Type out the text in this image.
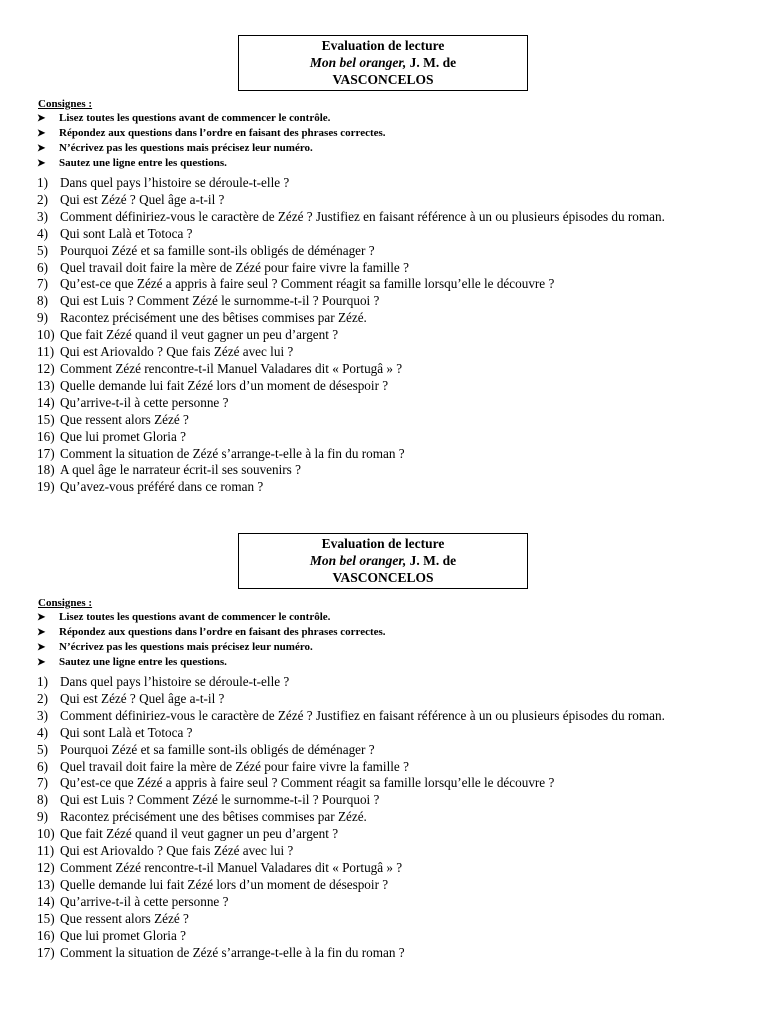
Evaluation de lecture
Mon bel oranger, J. M. de
VASCONCELOS
Consignes :
➤ Lisez toutes les questions avant de commencer le contrôle.
➤ Répondez aux questions dans l’ordre en faisant des phrases correctes.
➤ N’écrivez pas les questions mais précisez leur numéro.
➤ Sautez une ligne entre les questions.
1) Dans quel pays l’histoire se déroule-t-elle ?
2) Qui est Zézé ? Quel âge a-t-il ?
3) Comment définiriez-vous le caractère de Zézé ? Justifiez en faisant référence à un ou plusieurs épisodes du roman.
4) Qui sont Lalà et Totoca ?
5) Pourquoi Zézé et sa famille sont-ils obligés de déménager ?
6) Quel travail doit faire la mère de Zézé pour faire vivre la famille ?
7) Qu’est-ce que Zézé a appris à faire seul ? Comment réagit sa famille lorsqu’elle le découvre ?
8) Qui est Luis ? Comment Zézé le surnomme-t-il ? Pourquoi ?
9) Racontez précisément une des bêtises commises par Zézé.
10) Que fait Zézé quand il veut gagner un peu d’argent ?
11) Qui est Ariovaldo ? Que fais Zézé avec lui ?
12) Comment Zézé rencontre-t-il Manuel Valadares dit « Portugâ » ?
13) Quelle demande lui fait Zézé lors d’un moment de désespoir ?
14) Qu’arrive-t-il à cette personne ?
15) Que ressent alors Zézé ?
16) Que lui promet Gloria ?
17) Comment la situation de Zézé s’arrange-t-elle à la fin du roman ?
18) A quel âge le narrateur écrit-il ses souvenirs ?
19) Qu’avez-vous préféré dans ce roman ?
Evaluation de lecture
Mon bel oranger, J. M. de
VASCONCELOS
Consignes :
➤ Lisez toutes les questions avant de commencer le contrôle.
➤ Répondez aux questions dans l’ordre en faisant des phrases correctes.
➤ N’écrivez pas les questions mais précisez leur numéro.
➤ Sautez une ligne entre les questions.
1) Dans quel pays l’histoire se déroule-t-elle ?
2) Qui est Zézé ? Quel âge a-t-il ?
3) Comment définiriez-vous le caractère de Zézé ? Justifiez en faisant référence à un ou plusieurs épisodes du roman.
4) Qui sont Lalà et Totoca ?
5) Pourquoi Zézé et sa famille sont-ils obligés de déménager ?
6) Quel travail doit faire la mère de Zézé pour faire vivre la famille ?
7) Qu’est-ce que Zézé a appris à faire seul ? Comment réagit sa famille lorsqu’elle le découvre ?
8) Qui est Luis ? Comment Zézé le surnomme-t-il ? Pourquoi ?
9) Racontez précisément une des bêtises commises par Zézé.
10) Que fait Zézé quand il veut gagner un peu d’argent ?
11) Qui est Ariovaldo ? Que fais Zézé avec lui ?
12) Comment Zézé rencontre-t-il Manuel Valadares dit « Portugâ » ?
13) Quelle demande lui fait Zézé lors d’un moment de désespoir ?
14) Qu’arrive-t-il à cette personne ?
15) Que ressent alors Zézé ?
16) Que lui promet Gloria ?
17) Comment la situation de Zézé s’arrange-t-elle à la fin du roman ?
